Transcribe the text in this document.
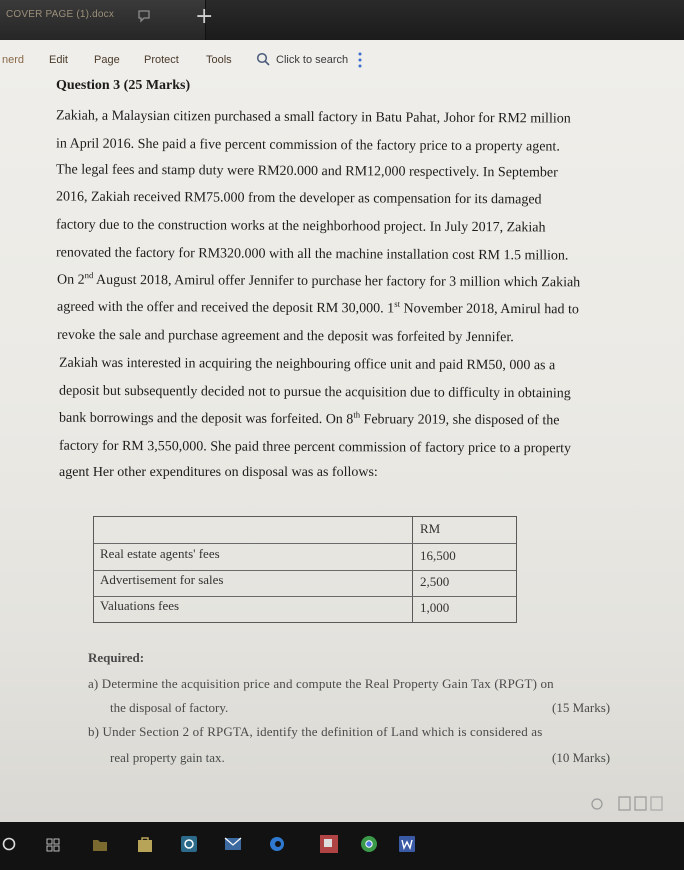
COVER PAGE (1).docx	+
nerd Edit Page Protect Tools	Click to search
Question 3 (25 Marks)
Zakiah, a Malaysian citizen purchased a small factory in Batu Pahat, Johor for RM2 million
in April 2016. She paid a five percent commission of the factory price to a property agent.
The legal fees and stamp duty were RM20.000 and RM12,000 respectively. In September
2016, Zakiah received RM75.000 from the developer as compensation for its damaged
factory due to the construction works at the neighborhood project. In July 2017, Zakiah
renovated the factory for RM320.000 with all the machine installation cost RM 1.5 million.
On 2nd August 2018, Amirul offer Jennifer to purchase her factory for 3 million which Zakiah
agreed with the offer and received the deposit RM 30,000. 1st November 2018, Amirul had to
revoke the sale and purchase agreement and the deposit was forfeited by Jennifer.
Zakiah was interested in acquiring the neighbouring office unit and paid RM50, 000 as a
deposit but subsequently decided not to pursue the acquisition due to difficulty in obtaining
bank borrowings and the deposit was forfeited. On 8th February 2019, she disposed of the
factory for RM 3,550,000. She paid three percent commission of factory price to a property
agent Her other expenditures on disposal was as follows:
RM
Real estate agents' fees	16,500
Advertisement for sales	2,500
Valuations fees	1,000
Required:
a) Determine the acquisition price and compute the Real Property Gain Tax (RPGT) on
the disposal of factory.	(15 Marks)
b) Under Section 2 of RPGTA, identify the definition of Land which is considered as
real property gain tax.	(10 Marks)
